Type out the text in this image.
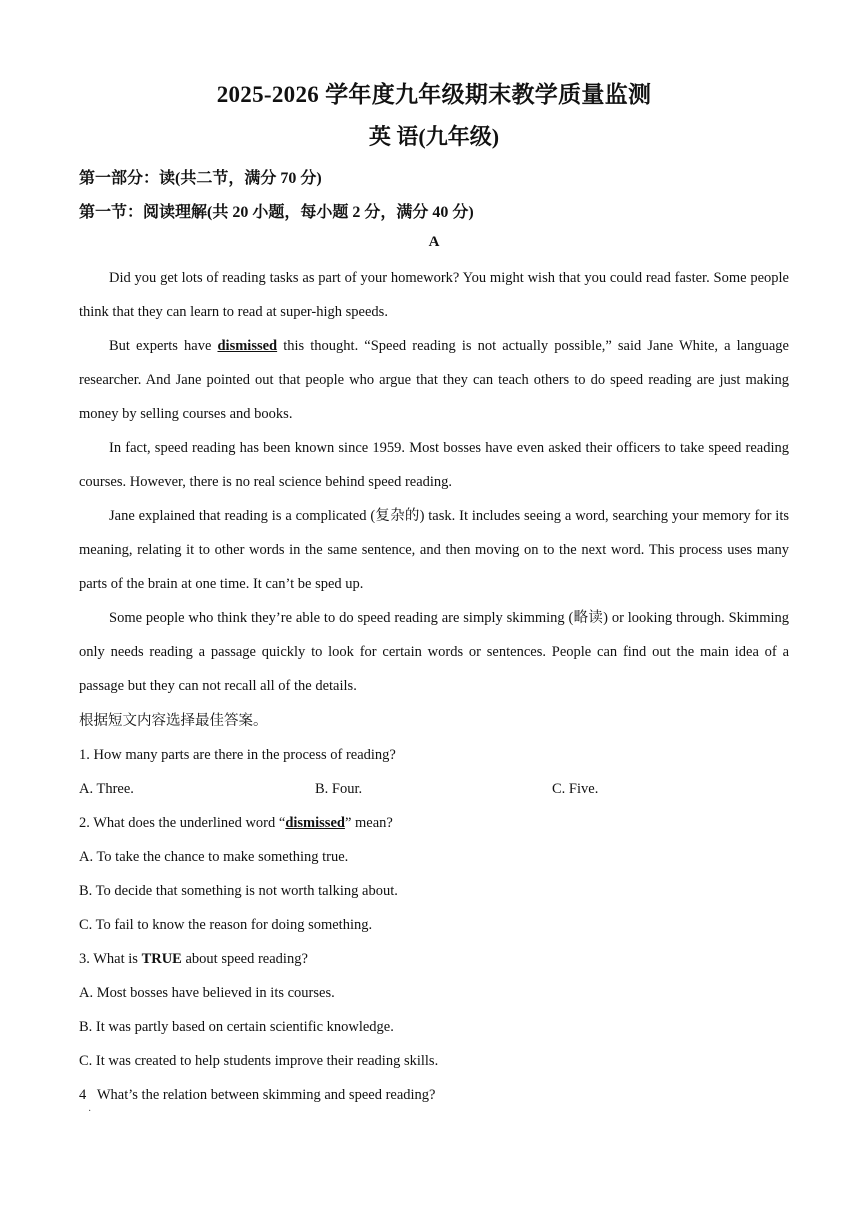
2025-2026 学年度九年级期末教学质量监测
英 语(九年级)
第一部分：读(共二节，满分 70 分)
第一节：阅读理解(共 20 小题，每小题 2 分，满分 40 分)
A
Did you get lots of reading tasks as part of your homework? You might wish that you could read faster. Some people think that they can learn to read at super-high speeds.
But experts have dismissed this thought. “Speed reading is not actually possible,” said Jane White, a language researcher. And Jane pointed out that people who argue that they can teach others to do speed reading are just making money by selling courses and books.
In fact, speed reading has been known since 1959. Most bosses have even asked their officers to take speed reading courses. However, there is no real science behind speed reading.
Jane explained that reading is a complicated (复杂的) task. It includes seeing a word, searching your memory for its meaning, relating it to other words in the same sentence, and then moving on to the next word. This process uses many parts of the brain at one time. It can’t be sped up.
Some people who think they’re able to do speed reading are simply skimming (略读) or looking through. Skimming only needs reading a passage quickly to look for certain words or sentences. People can find out the main idea of a passage but they can not recall all of the details.
根据短文内容选择最佳答案。
1. How many parts are there in the process of reading?
A. Three.	B. Four.	C. Five.
2. What does the underlined word “dismissed” mean?
A. To take the chance to make something true.
B. To decide that something is not worth talking about.
C. To fail to know the reason for doing something.
3. What is TRUE about speed reading?
A. Most bosses have believed in its courses.
B. It was partly based on certain scientific knowledge.
C. It was created to help students improve their reading skills.
4   What’s the relation between skimming and speed reading?
·
